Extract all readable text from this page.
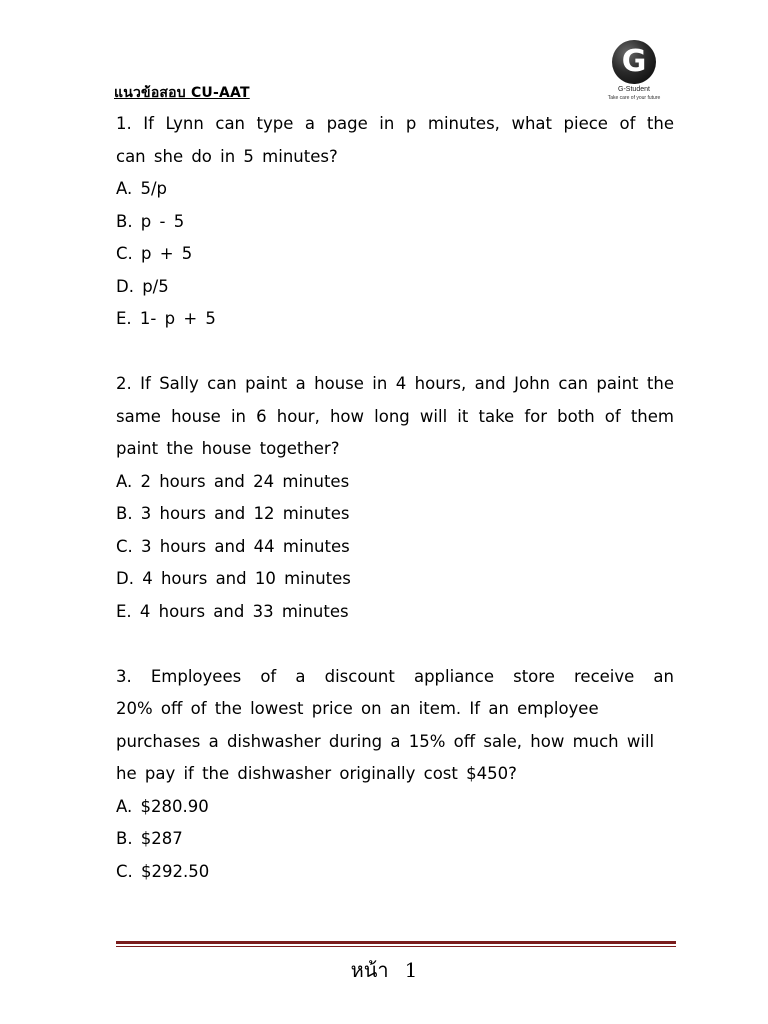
แนวข้อสอบ CU-AAT
G
G-Student
Take care of your future
1. If Lynn can type a page in p minutes, what piece of the
can she do in 5 minutes?
A. 5/p
B. p - 5
C. p + 5
D. p/5
E. 1- p + 5
2. If Sally can paint a house in 4 hours, and John can paint the
same house in 6 hour, how long will it take for both of them
paint the house together?
A. 2 hours and 24 minutes
B. 3 hours and 12 minutes
C. 3 hours and 44 minutes
D. 4 hours and 10 minutes
E. 4 hours and 33 minutes
3. Employees of a discount appliance store receive an
20% off of the lowest price on an item. If an employee
purchases a dishwasher during a 15% off sale, how much will
he pay if the dishwasher originally cost $450?
A. $280.90
B. $287
C. $292.50
หน้า 1
